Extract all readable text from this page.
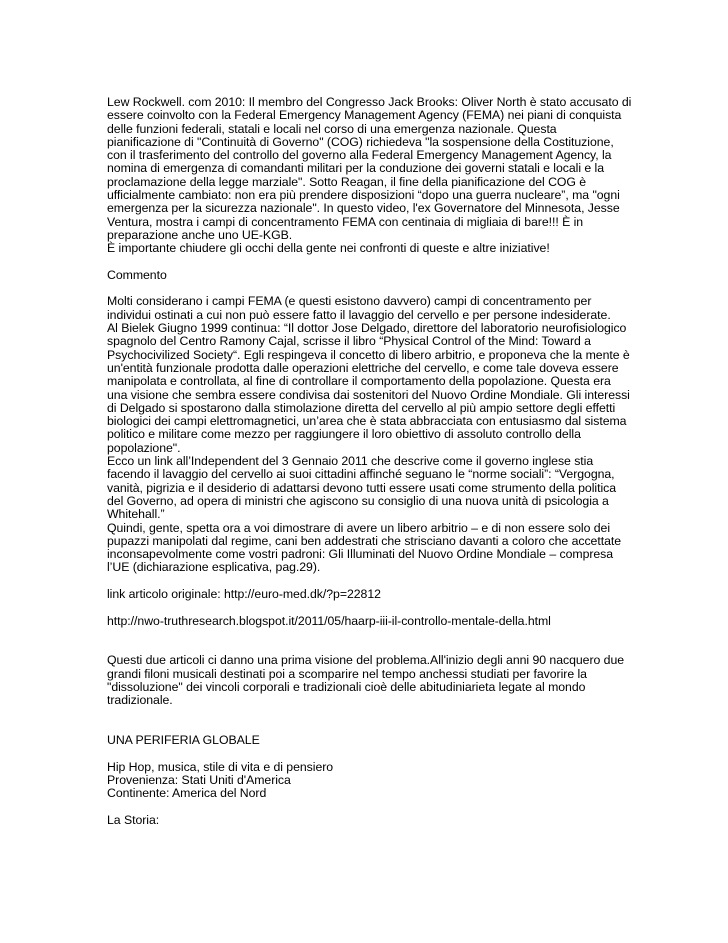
Lew Rockwell. com 2010: Il membro del Congresso Jack Brooks: Oliver North è stato accusato di
essere coinvolto con la Federal Emergency Management Agency (FEMA) nei piani di conquista
delle funzioni federali, statali e locali nel corso di una emergenza nazionale. Questa
pianificazione di "Continuità di Governo" (COG) richiedeva "la sospensione della Costituzione,
con il trasferimento del controllo del governo alla Federal Emergency Management Agency, la
nomina di emergenza di comandanti militari per la conduzione dei governi statali e locali e la
proclamazione della legge marziale". Sotto Reagan, il fine della pianificazione del COG è
ufficialmente cambiato: non era più prendere disposizioni “dopo una guerra nucleare”, ma "ogni
emergenza per la sicurezza nazionale". In questo video, l'ex Governatore del Minnesota, Jesse
Ventura, mostra i campi di concentramento FEMA con centinaia di migliaia di bare!!! È in
preparazione anche uno UE-KGB.
È importante chiudere gli occhi della gente nei confronti di queste e altre iniziative!
Commento
Molti considerano i campi FEMA (e questi esistono davvero) campi di concentramento per
individui ostinati a cui non può essere fatto il lavaggio del cervello e per persone indesiderate.
Al Bielek Giugno 1999 continua: “Il dottor Jose Delgado, direttore del laboratorio neurofisiologico
spagnolo del Centro Ramony Cajal, scrisse il libro “Physical Control of the Mind: Toward a
Psychocivilized Society“. Egli respingeva il concetto di libero arbitrio, e proponeva che la mente è
un'entità funzionale prodotta dalle operazioni elettriche del cervello, e come tale doveva essere
manipolata e controllata, al fine di controllare il comportamento della popolazione. Questa era
una visione che sembra essere condivisa dai sostenitori del Nuovo Ordine Mondiale. Gli interessi
di Delgado si spostarono dalla stimolazione diretta del cervello al più ampio settore degli effetti
biologici dei campi elettromagnetici, un’area che è stata abbracciata con entusiasmo dal sistema
politico e militare come mezzo per raggiungere il loro obiettivo di assoluto controllo della
popolazione".
Ecco un link all’Independent del 3 Gennaio 2011 che descrive come il governo inglese stia
facendo il lavaggio del cervello ai suoi cittadini affinché seguano le “norme sociali”: “Vergogna,
vanità, pigrizia e il desiderio di adattarsi devono tutti essere usati come strumento della politica
del Governo, ad opera di ministri che agiscono su consiglio di una nuova unità di psicologia a
Whitehall.”
Quindi, gente, spetta ora a voi dimostrare di avere un libero arbitrio – e di non essere solo dei
pupazzi manipolati dal regime, cani ben addestrati che strisciano davanti a coloro che accettate
inconsapevolmente come vostri padroni: Gli Illuminati del Nuovo Ordine Mondiale – compresa
l’UE (dichiarazione esplicativa, pag.29).
link articolo originale: http://euro-med.dk/?p=22812
http://nwo-truthresearch.blogspot.it/2011/05/haarp-iii-il-controllo-mentale-della.html
Questi due articoli ci danno una prima visione del problema.All'inizio degli anni 90 nacquero due
grandi filoni musicali destinati poi a scomparire nel tempo anchessi studiati per favorire la
"dissoluzione" dei vincoli corporali e tradizionali cioè delle abitudiniarieta legate al mondo
tradizionale.
UNA PERIFERIA GLOBALE
Hip Hop, musica, stile di vita e di pensiero
Provenienza: Stati Uniti d'America
Continente: America del Nord
La Storia:
